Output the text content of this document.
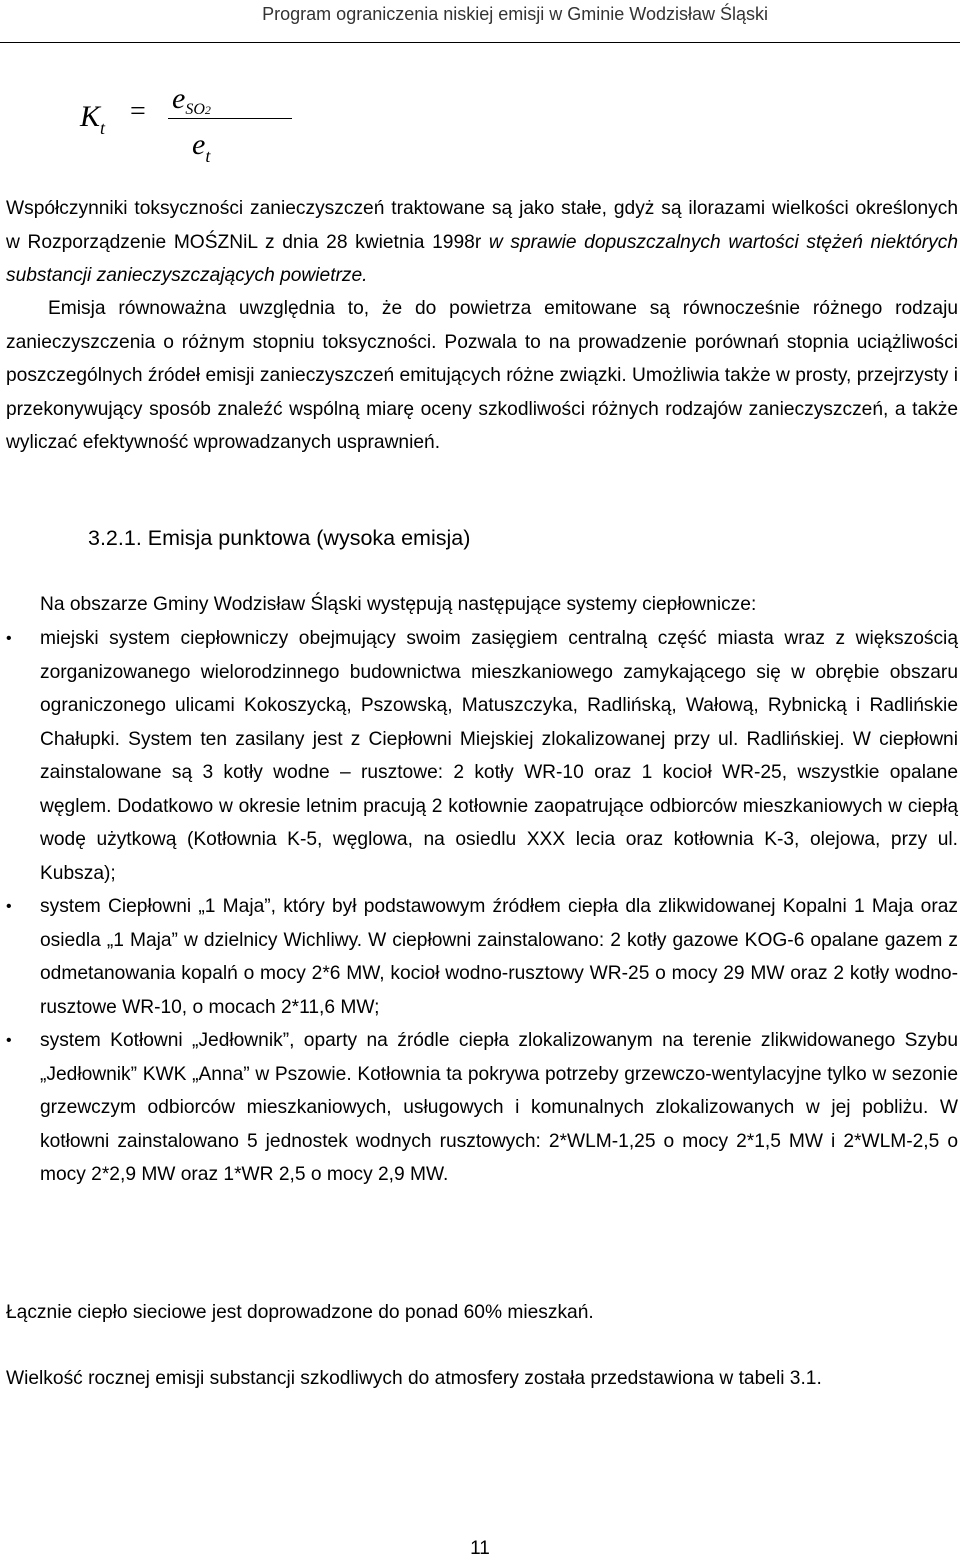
Program ograniczenia niskiej emisji w Gminie Wodzisław Śląski
$K_t$
= $e_{SO2}$
$e_t$
Współczynniki toksyczności zanieczyszczeń traktowane są jako stałe, gdyż są ilorazami wielkości określonych w Rozporządzenie MOŚZNiL z dnia 28 kwietnia 1998r w sprawie dopuszczalnych wartości stężeń niektórych substancji zanieczyszczających powietrze.
Emisja równoważna uwzględnia to, że do powietrza emitowane są równocześnie różnego rodzaju zanieczyszczenia o różnym stopniu toksyczności. Pozwala to na prowadzenie porównań stopnia uciążliwości poszczególnych źródeł emisji zanieczyszczeń emitujących różne związki. Umożliwia także w prosty, przejrzysty i przekonywujący sposób znaleźć wspólną miarę oceny szkodliwości różnych rodzajów zanieczyszczeń, a także wyliczać efektywność wprowadzanych usprawnień.
3.2.1. Emisja punktowa (wysoka emisja)
Na obszarze Gminy Wodzisław Śląski występują następujące systemy ciepłownicze:
• miejski system ciepłowniczy obejmujący swoim zasięgiem centralną część miasta wraz z większością zorganizowanego wielorodzinnego budownictwa mieszkaniowego zamykającego się w obrębie obszaru ograniczonego ulicami Kokoszycką, Pszowską, Matuszczyka, Radlińską, Wałową, Rybnicką i Radlińskie Chałupki. System ten zasilany jest z Ciepłowni Miejskiej zlokalizowanej przy ul. Radlińskiej. W ciepłowni zainstalowane są 3 kotły wodne – rusztowe: 2 kotły WR-10 oraz 1 kocioł WR-25, wszystkie opalane węglem. Dodatkowo w okresie letnim pracują 2 kotłownie zaopatrujące odbiorców mieszkaniowych w ciepłą wodę użytkową (Kotłownia K-5, węglowa, na osiedlu XXX lecia oraz kotłownia K-3, olejowa, przy ul. Kubsza);
• system Ciepłowni „1 Maja”, który był podstawowym źródłem ciepła dla zlikwidowanej Kopalni 1 Maja oraz osiedla „1 Maja” w dzielnicy Wichliwy. W ciepłowni zainstalowano: 2 kotły gazowe KOG-6 opalane gazem z odmetanowania kopalń o mocy 2*6 MW, kocioł wodno-rusztowy WR-25 o mocy 29 MW oraz 2 kotły wodno-rusztowe WR-10, o mocach 2*11,6 MW;
• system Kotłowni „Jedłownik”, oparty na źródle ciepła zlokalizowanym na terenie zlikwidowanego Szybu „Jedłownik” KWK „Anna” w Pszowie. Kotłownia ta pokrywa potrzeby grzewczo-wentylacyjne tylko w sezonie grzewczym odbiorców mieszkaniowych, usługowych i komunalnych zlokalizowanych w jej pobliżu. W kotłowni zainstalowano 5 jednostek wodnych rusztowych: 2*WLM-1,25 o mocy 2*1,5 MW i 2*WLM-2,5 o mocy 2*2,9 MW oraz 1*WR 2,5 o mocy 2,9 MW.
Łącznie ciepło sieciowe jest doprowadzone do ponad 60% mieszkań.
Wielkość rocznej emisji substancji szkodliwych do atmosfery została przedstawiona w tabeli 3.1.
11
